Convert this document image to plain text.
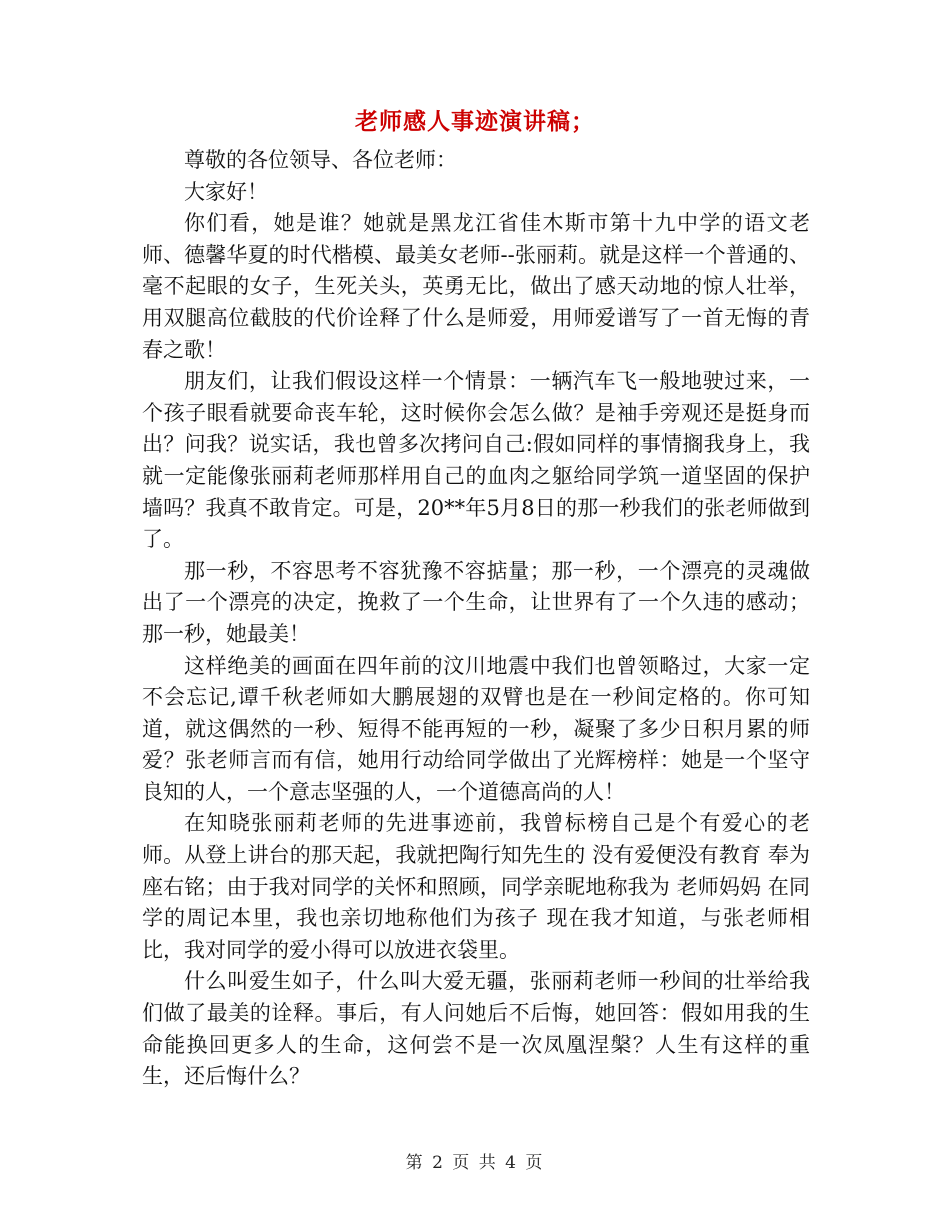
老师感人事迹演讲稿；

尊敬的各位领导、各位老师：

大家好！

你们看，她是谁？她就是黑龙江省佳木斯市第十九中学的语文老师、德馨华夏的时代楷模、最美女老师--张丽莉。就是这样一个普通的、毫不起眼的女子，生死关头，英勇无比，做出了感天动地的惊人壮举，用双腿高位截肢的代价诠释了什么是师爱，用师爱谱写了一首无悔的青春之歌！

朋友们，让我们假设这样一个情景：一辆汽车飞一般地驶过来，一个孩子眼看就要命丧车轮，这时候你会怎么做？是袖手旁观还是挺身而出？问我？说实话，我也曾多次拷问自己:假如同样的事情搁我身上，我就一定能像张丽莉老师那样用自己的血肉之躯给同学筑一道坚固的保护墙吗？我真不敢肯定。可是，20**年5月8日的那一秒我们的张老师做到了。

那一秒，不容思考不容犹豫不容掂量；那一秒，一个漂亮的灵魂做出了一个漂亮的决定，挽救了一个生命，让世界有了一个久违的感动；那一秒，她最美！

这样绝美的画面在四年前的汶川地震中我们也曾领略过，大家一定不会忘记,谭千秋老师如大鹏展翅的双臂也是在一秒间定格的。你可知道，就这偶然的一秒、短得不能再短的一秒，凝聚了多少日积月累的师爱？张老师言而有信，她用行动给同学做出了光辉榜样：她是一个坚守良知的人，一个意志坚强的人，一个道德高尚的人！

在知晓张丽莉老师的先进事迹前，我曾标榜自己是个有爱心的老师。从登上讲台的那天起，我就把陶行知先生的 没有爱便没有教育 奉为座右铭；由于我对同学的关怀和照顾，同学亲昵地称我为 老师妈妈 在同学的周记本里，我也亲切地称他们为孩子 现在我才知道，与张老师相比，我对同学的爱小得可以放进衣袋里。

什么叫爱生如子，什么叫大爱无疆，张丽莉老师一秒间的壮举给我们做了最美的诠释。事后，有人问她后不后悔，她回答：假如用我的生命能换回更多人的生命，这何尝不是一次凤凰涅槃？人生有这样的重生，还后悔什么？

第 2 页 共 4 页
